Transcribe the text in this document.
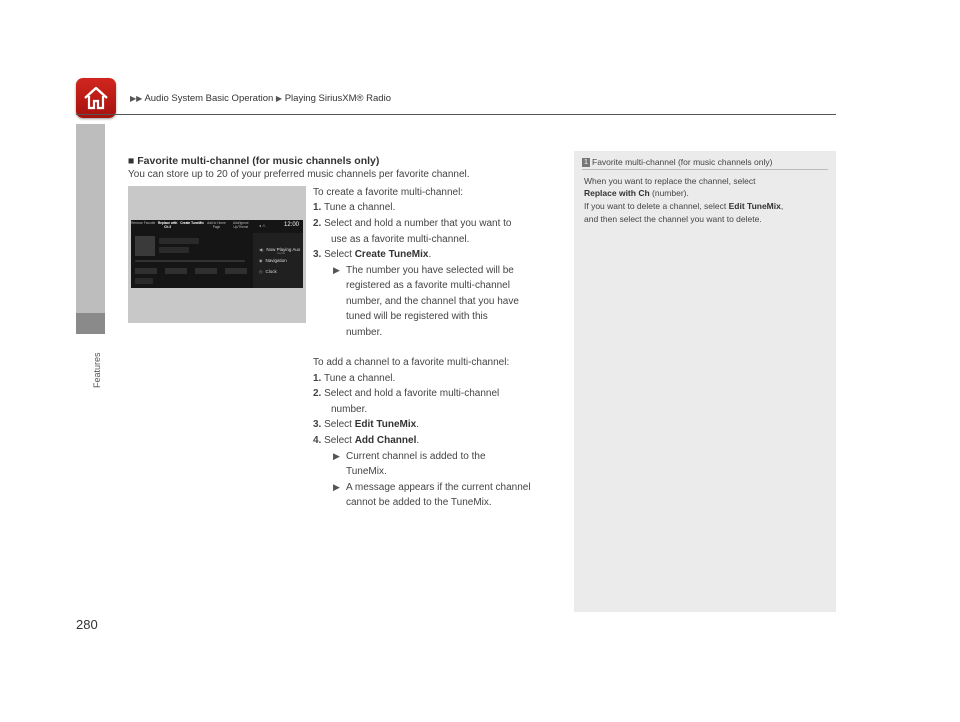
▶▶ Audio System Basic Operation ▶ Playing SiriusXM® Radio
Features
280
■ Favorite multi-channel (for music channels only)
You can store up to 20 of your preferred music channels per favorite channel.
Remove Favorite Replace with Ch 3
Create TuneMix	Add to Home Page
Add/Ignore Up/Theme	◂ ⚠	12:00
Cards
◀) Now Playing Aux
◉ Navigation
◷ Clock
To create a favorite multi-channel:
1. Tune a channel.
2. Select and hold a number that you want to
use as a favorite multi-channel.
3. Select Create TuneMix.
▶ The number you have selected will be
registered as a favorite multi-channel
number, and the channel that you have
tuned will be registered with this
number.
To add a channel to a favorite multi-channel:
1. Tune a channel.
2. Select and hold a favorite multi-channel
number.
3. Select Edit TuneMix.
4. Select Add Channel.
▶ Current channel is added to the
TuneMix.
▶ A message appears if the current channel
cannot be added to the TuneMix.
1 Favorite multi-channel (for music channels only)
When you want to replace the channel, select
Replace with Ch (number).
If you want to delete a channel, select Edit TuneMix,
and then select the channel you want to delete.
